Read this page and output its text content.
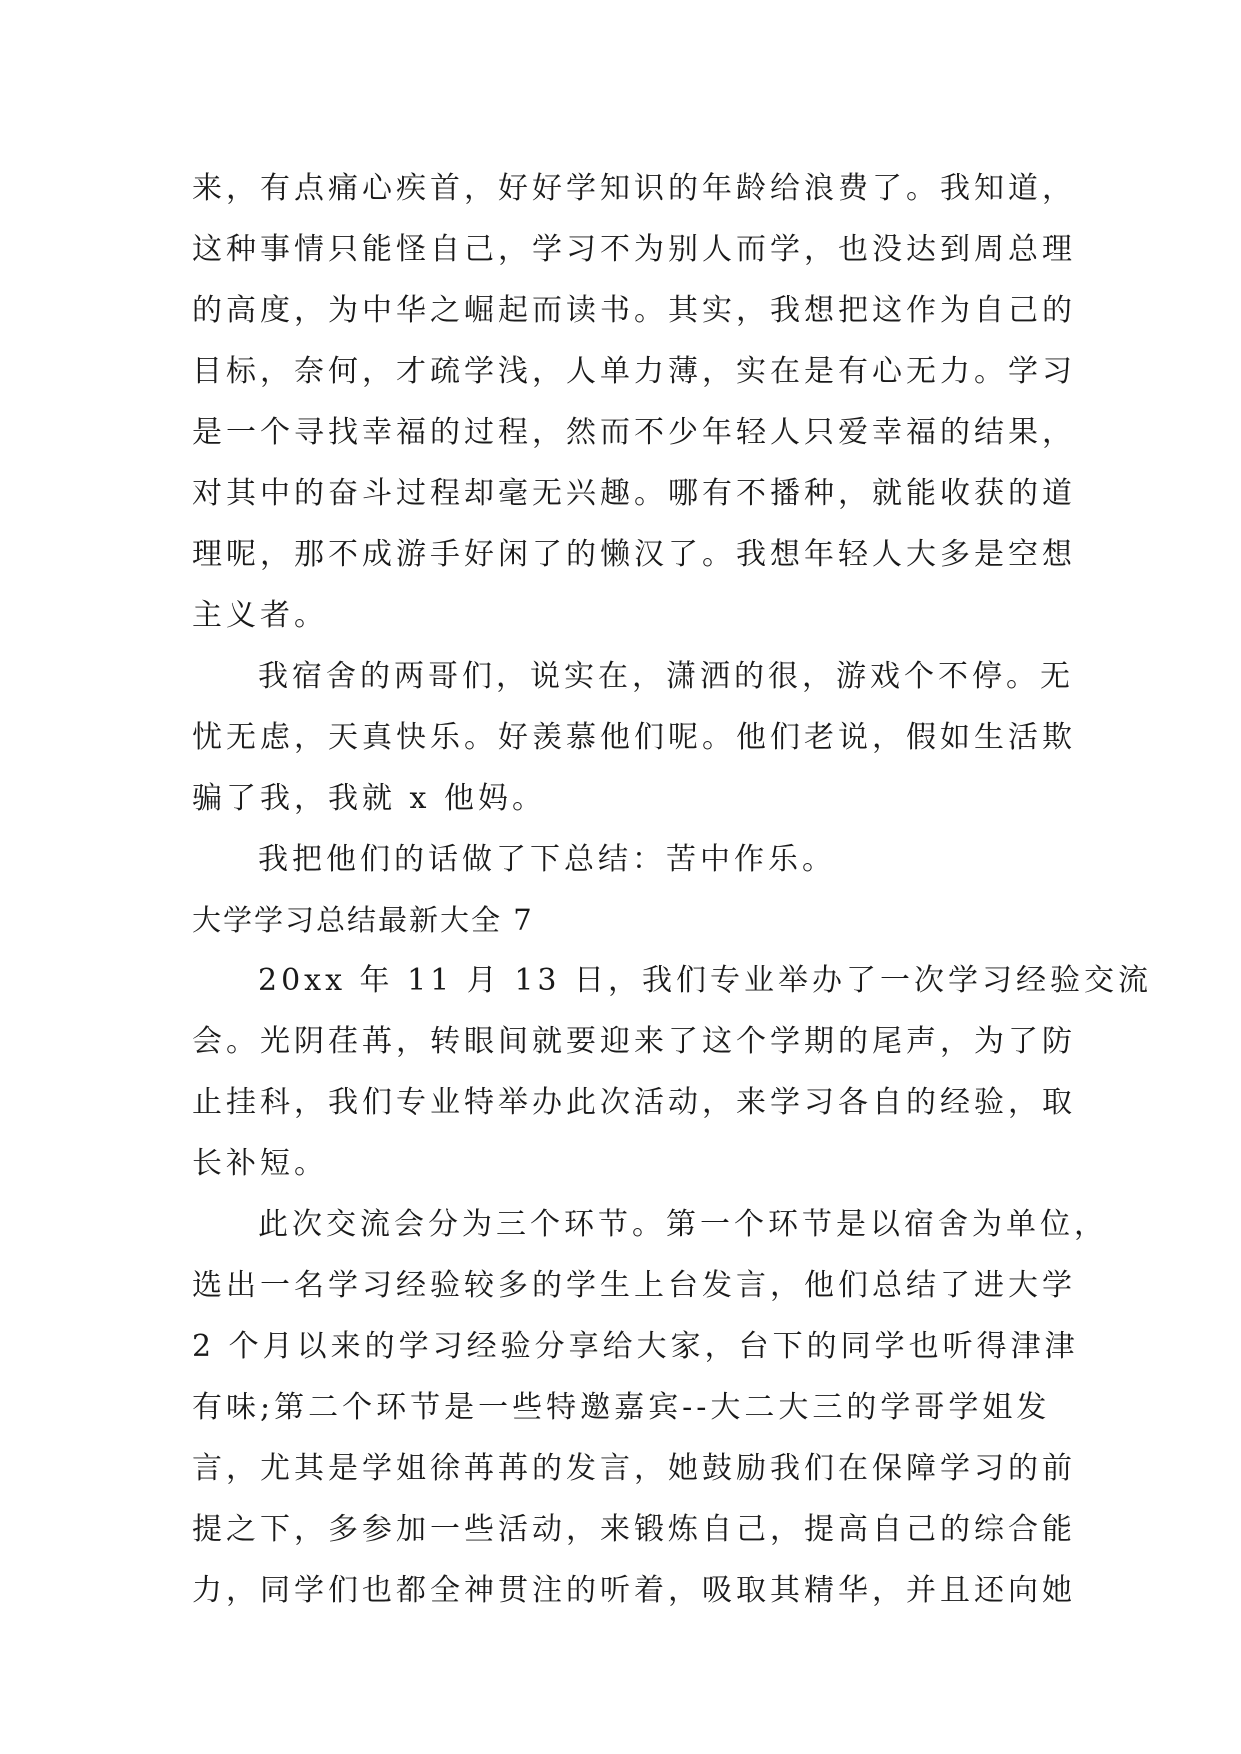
来，有点痛心疾首，好好学知识的年龄给浪费了。我知道，
这种事情只能怪自己，学习不为别人而学，也没达到周总理
的高度，为中华之崛起而读书。其实，我想把这作为自己的
目标，奈何，才疏学浅，人单力薄，实在是有心无力。学习
是一个寻找幸福的过程，然而不少年轻人只爱幸福的结果，
对其中的奋斗过程却毫无兴趣。哪有不播种，就能收获的道
理呢，那不成游手好闲了的懒汉了。我想年轻人大多是空想
主义者。
我宿舍的两哥们，说实在，潇洒的很，游戏个不停。无
忧无虑，天真快乐。好羡慕他们呢。他们老说，假如生活欺
骗了我，我就 x 他妈。
我把他们的话做了下总结：苦中作乐。
大学学习总结最新大全 7
20xx 年 11 月 13 日，我们专业举办了一次学习经验交流
会。光阴荏苒，转眼间就要迎来了这个学期的尾声，为了防
止挂科，我们专业特举办此次活动，来学习各自的经验，取
长补短。
此次交流会分为三个环节。第一个环节是以宿舍为单位，
选出一名学习经验较多的学生上台发言，他们总结了进大学
2 个月以来的学习经验分享给大家，台下的同学也听得津津
有味;第二个环节是一些特邀嘉宾--大二大三的学哥学姐发
言，尤其是学姐徐苒苒的发言，她鼓励我们在保障学习的前
提之下，多参加一些活动，来锻炼自己，提高自己的综合能
力，同学们也都全神贯注的听着，吸取其精华，并且还向她
